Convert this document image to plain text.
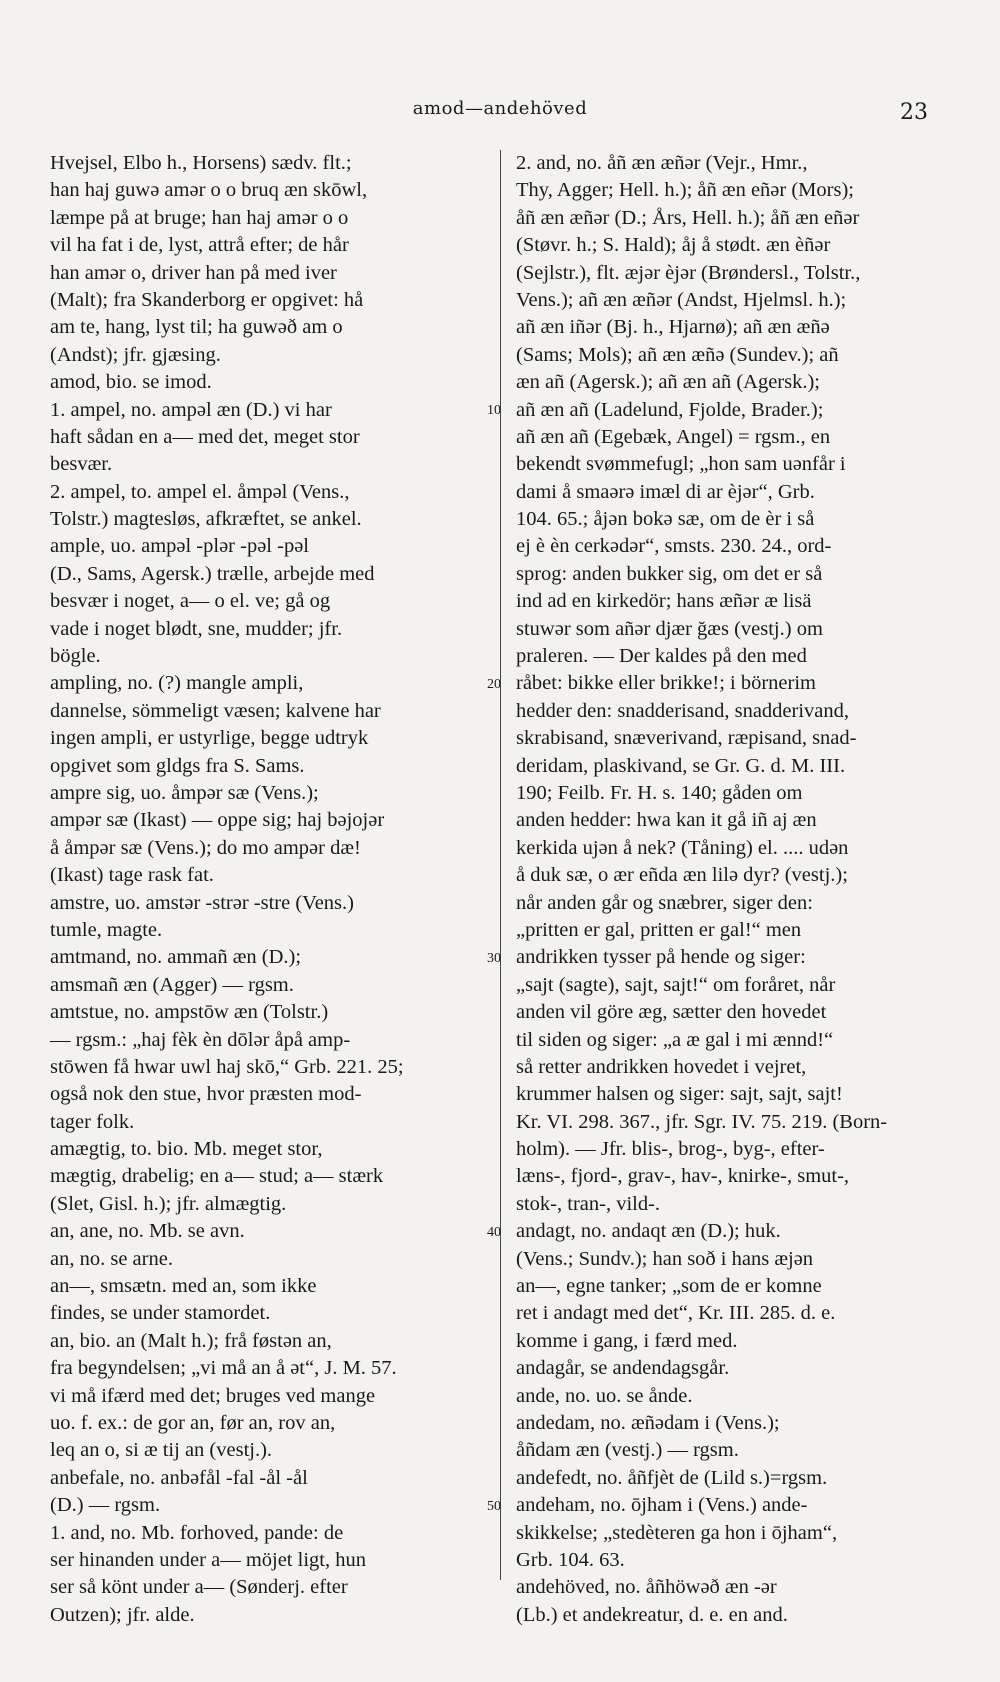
amod—andehöved	23
Hvejsel, Elbo h., Horsens) sædv. flt.;
han haj guwə amər o o bruq æn skōwl,
læmpe på at bruge; han haj amər o o
vil ha fat i de, lyst, attrå efter; de hår
han amər o, driver han på med iver
(Malt); fra Skanderborg er opgivet: hå
am te, hang, lyst til; ha guwəð am o
(Andst); jfr. gjæsing.
amod, bio. se imod.
1. ampel, no. ampəl æn (D.) vi har
haft sådan en a— med det, meget stor
besvær.
2. ampel, to. ampel el. åmpəl (Vens.,
Tolstr.) magtesløs, afkræftet, se ankel.
ample, uo. ampəl -plər -pəl -pəl
(D., Sams, Agersk.) trælle, arbejde med
besvær i noget, a— o el. ve; gå og
vade i noget blødt, sne, mudder; jfr.
bögle.
ampling, no. (?) mangle ampli,
dannelse, sömmeligt væsen; kalvene har
ingen ampli, er ustyrlige, begge udtryk
opgivet som gldgs fra S. Sams.
ampre sig, uo. åmpər sæ (Vens.);
ampər sæ (Ikast) — oppe sig; haj bəjojər
å åmpər sæ (Vens.); do mo ampər dæ!
(Ikast) tage rask fat.
amstre, uo. amstər -strər -stre (Vens.)
tumle, magte.
amtmand, no. ammañ æn (D.);
amsmañ æn (Agger) — rgsm.
amtstue, no. ampstōw æn (Tolstr.)
— rgsm.: „haj fèk èn dōlər åpå amp-
stōwen få hwar uwl haj skō,“ Grb. 221. 25;
også nok den stue, hvor præsten mod-
tager folk.
amægtig, to. bio. Mb. meget stor,
mægtig, drabelig; en a— stud; a— stærk
(Slet, Gisl. h.); jfr. almægtig.
an, ane, no. Mb. se avn.
an, no. se arne.
an—, smsætn. med an, som ikke
findes, se under stamordet.
an, bio. an (Malt h.); frå føstən an,
fra begyndelsen; „vi må an å ət“, J. M. 57.
vi må ifærd med det; bruges ved mange
uo. f. ex.: de gor an, før an, rov an,
leq an o, si æ tij an (vestj.).
anbefale, no. anbəfål -fal -ål -ål
(D.) — rgsm.
1. and, no. Mb. forhoved, pande: de
ser hinanden under a— möjet ligt, hun
ser så könt under a— (Sønderj. efter
Outzen); jfr. alde.
2. and, no. åñ æn æñər (Vejr., Hmr.,
Thy, Agger; Hell. h.); åñ æn eñər (Mors);
åñ æn æñər (D.; Års, Hell. h.); åñ æn eñər
(Støvr. h.; S. Hald); åj å stødt. æn èñər
(Sejlstr.), flt. æjər èjər (Brøndersl., Tolstr.,
Vens.); añ æn æñər (Andst, Hjelmsl. h.);
añ æn iñər (Bj. h., Hjarnø); añ æn æñə
(Sams; Mols); añ æn æñə (Sundev.); añ
æn añ (Agersk.); añ æn añ (Agersk.);
añ æn añ (Ladelund, Fjolde, Brader.);
añ æn añ (Egebæk, Angel) = rgsm., en
bekendt svømmefugl; „hon sam uənfår i
dami å smaərə imæl di ar èjər“, Grb.
104. 65.; åjən bokə sæ, om de èr i så
ej è èn cerkədər“, smsts. 230. 24., ord-
sprog: anden bukker sig, om det er så
ind ad en kirkedör; hans æñər æ lisä
stuwər som añər djær ğæs (vestj.) om
praleren. — Der kaldes på den med
råbet: bikke eller brikke!; i börnerim
hedder den: snadderisand, snadderivand,
skrabisand, snæverivand, ræpisand, snad-
deridam, plaskivand, se Gr. G. d. M. III.
190; Feilb. Fr. H. s. 140; gåden om
anden hedder: hwa kan it gå iñ aj æn
kerkida ujən å nek? (Tåning) el. .... udən
å duk sæ, o ær eñda æn lilə dyr? (vestj.);
når anden går og snæbrer, siger den:
„pritten er gal, pritten er gal!“ men
andrikken tysser på hende og siger:
„sajt (sagte), sajt, sajt!“ om foråret, når
anden vil göre æg, sætter den hovedet
til siden og siger: „a æ gal i mi ænnd!“
så retter andrikken hovedet i vejret,
krummer halsen og siger: sajt, sajt, sajt!
Kr. VI. 298. 367., jfr. Sgr. IV. 75. 219. (Born-
holm). — Jfr. blis-, brog-, byg-, efter-
læns-, fjord-, grav-, hav-, knirke-, smut-,
stok-, tran-, vild-.
andagt, no. andaqt æn (D.); huk.
(Vens.; Sundv.); han soð i hans æjən
an—, egne tanker; „som de er komne
ret i andagt med det“, Kr. III. 285. d. e.
komme i gang, i færd med.
andagår, se andendagsgår.
ande, no. uo. se ånde.
andedam, no. æñədam i (Vens.);
åñdam æn (vestj.) — rgsm.
andefedt, no. åñfjèt de (Lild s.)=rgsm.
andeham, no. ōjham i (Vens.) ande-
skikkelse; „stedèteren ga hon i ōjham“,
Grb. 104. 63.
andehöved, no. åñhöwəð æn -ər
(Lb.) et andekreatur, d. e. en and.
10
20
30
40
50
